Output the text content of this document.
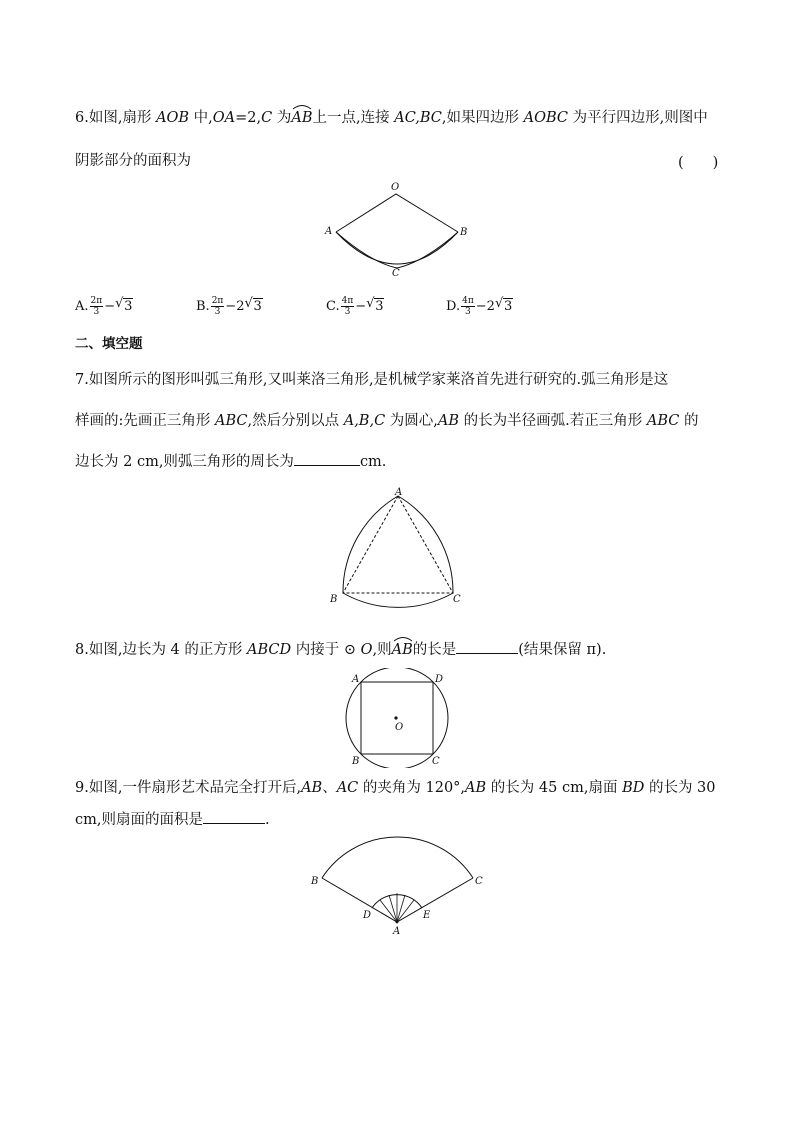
6.如图,扇形 AOB 中,OA=2,C 为
AB上一点,连接 AC,BC,如果四边形 AOBC 为平行四边形,则图中
阴影部分的面积为	(　　)
O
A	B
C
A. $\frac{2\pi}{3}$ − √ 3	B. $\frac{2\pi}{3} -2$ √ 3	C. $\frac{4\pi}{3}$ − √ 3	D. $\frac{4\pi}{3} -2$ √ 3
二、填空题
7.如图所示的图形叫弧三角形,又叫莱洛三角形,是机械学家莱洛首先进行研究的.弧三角形是这
样画的:先画正三角形 ABC,然后分别以点 A,B,C 为圆心,AB 的长为半径画弧.若正三角形 ABC 的
边长为 2 cm,则弧三角形的周长为	cm.
A
B	C
8.如图,边长为 4 的正方形 ABCD 内接于 ⊙ O,则
AB的长是	(结果保留 π).
A	D
B	C
O
9.如图,一件扇形艺术品完全打开后,AB、AC 的夹角为 120°,AB 的长为 45 cm,扇面 BD 的长为 30
cm,则扇面的面积是	.
B	C
D	E
A
